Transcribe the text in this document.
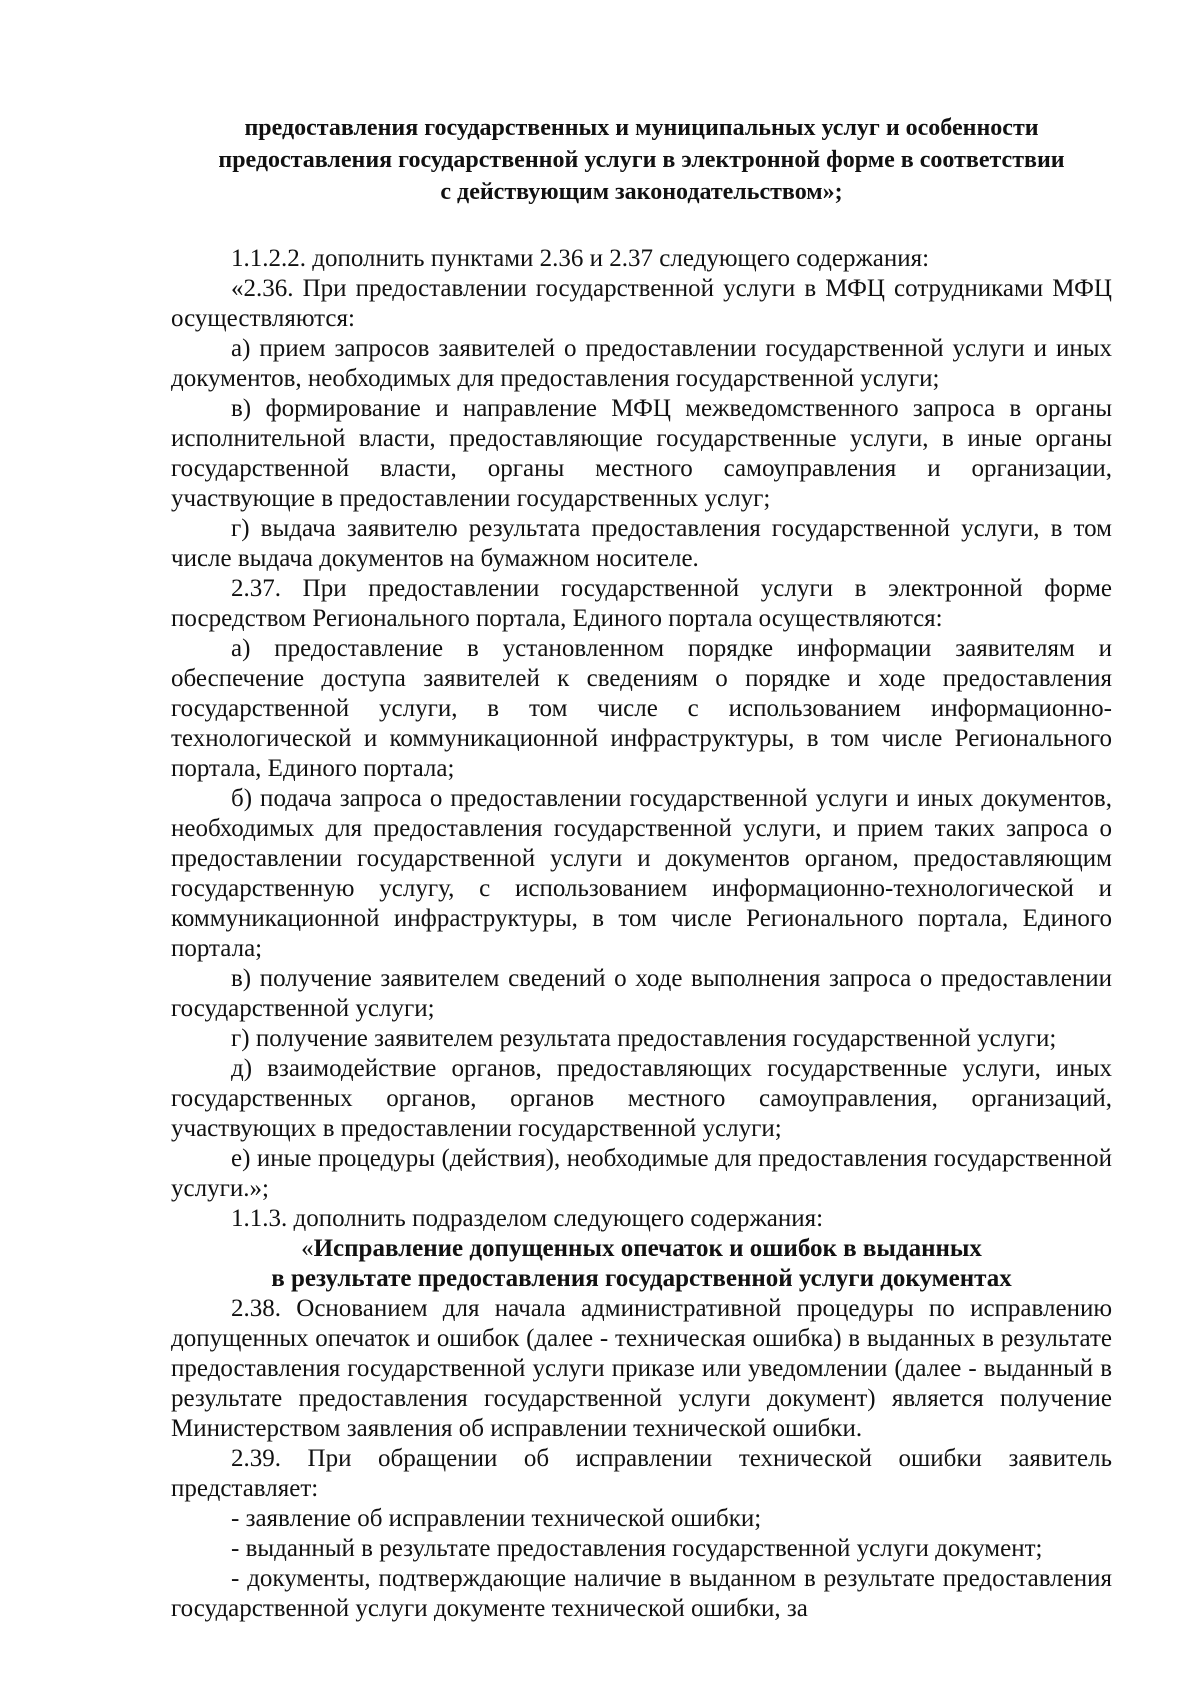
предоставления государственных и муниципальных услуг и особенности
предоставления государственной услуги в электронной форме в соответствии
с действующим законодательством»;

1.1.2.2. дополнить пунктами 2.36 и 2.37 следующего содержания:

«2.36. При предоставлении государственной услуги в МФЦ сотрудниками МФЦ осуществляются:

а) прием запросов заявителей о предоставлении государственной услуги и иных документов, необходимых для предоставления государственной услуги;

в) формирование и направление МФЦ межведомственного запроса в органы исполнительной власти, предоставляющие государственные услуги, в иные органы государственной власти, органы местного самоуправления и организации, участвующие в предоставлении государственных услуг;

г) выдача заявителю результата предоставления государственной услуги, в том числе выдача документов на бумажном носителе.

2.37. При предоставлении государственной услуги в электронной форме посредством Регионального портала, Единого портала осуществляются:

а) предоставление в установленном порядке информации заявителям и обеспечение доступа заявителей к сведениям о порядке и ходе предоставления государственной услуги, в том числе с использованием информационно-технологической и коммуникационной инфраструктуры, в том числе Регионального портала, Единого портала;

б) подача запроса о предоставлении государственной услуги и иных документов, необходимых для предоставления государственной услуги, и прием таких запроса о предоставлении государственной услуги и документов органом, предоставляющим государственную услугу, с использованием информационно-технологической и коммуникационной инфраструктуры, в том числе Регионального портала, Единого портала;

в) получение заявителем сведений о ходе выполнения запроса о предоставлении государственной услуги;

г) получение заявителем результата предоставления государственной услуги;

д) взаимодействие органов, предоставляющих государственные услуги, иных государственных органов, органов местного самоуправления, организаций, участвующих в предоставлении государственной услуги;

е) иные процедуры (действия), необходимые для предоставления государственной услуги.»;

1.1.3. дополнить подразделом следующего содержания:

«Исправление допущенных опечаток и ошибок в выданных
в результате предоставления государственной услуги документах

2.38. Основанием для начала административной процедуры по исправлению допущенных опечаток и ошибок (далее - техническая ошибка) в выданных в результате предоставления государственной услуги приказе или уведомлении (далее - выданный в результате предоставления государственной услуги документ) является получение Министерством заявления об исправлении технической ошибки.

2.39. При обращении об исправлении технической ошибки заявитель представляет:

- заявление об исправлении технической ошибки;

- выданный в результате предоставления государственной услуги документ;

- документы, подтверждающие наличие в выданном в результате предоставления государственной услуги документе технической ошибки, за
